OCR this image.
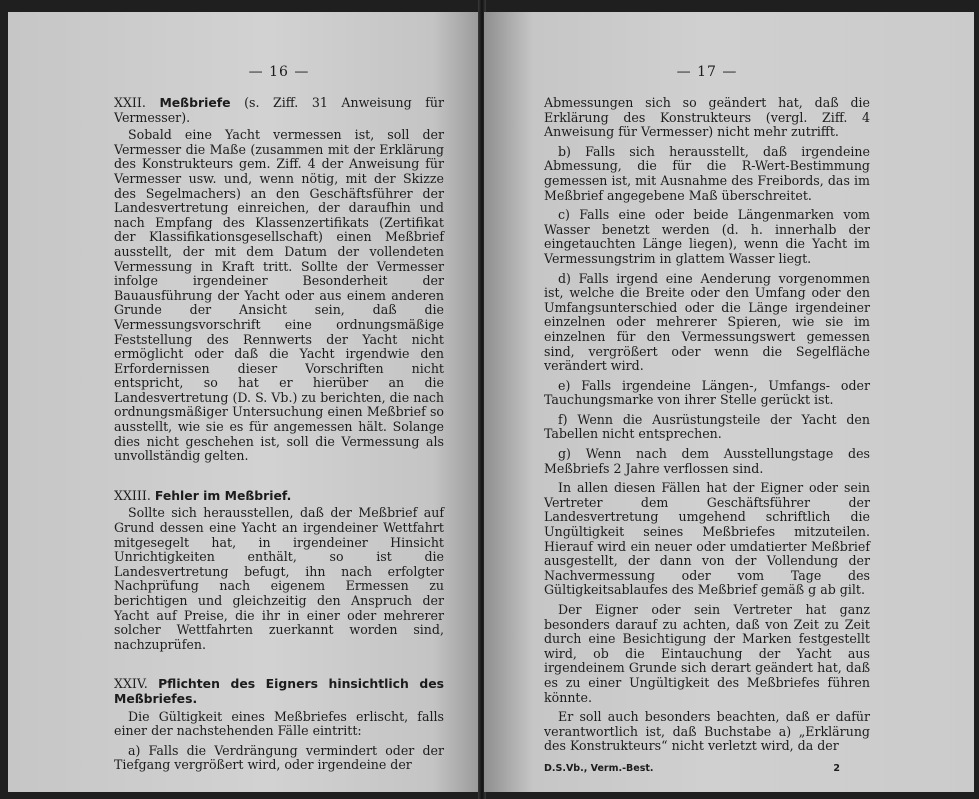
— 16 —
XXII. Meßbriefe (s. Ziff. 31 Anweisung für Vermesser).

Sobald eine Yacht vermessen ist, soll der Vermesser die Maße (zusammen mit der Erklärung des Konstrukteurs gem. Ziff. 4 der Anweisung für Vermesser usw. und, wenn nötig, mit der Skizze des Segelmachers) an den Geschäftsführer der Landesvertretung einreichen, der daraufhin und nach Empfang des Klassenzertifikats (Zertifikat der Klassifikationsgesellschaft) einen Meßbrief ausstellt, der mit dem Datum der vollendeten Vermessung in Kraft tritt. Sollte der Vermesser infolge irgendeiner Besonderheit der Bauausführung der Yacht oder aus einem anderen Grunde der Ansicht sein, daß die Vermessungsvorschrift eine ordnungsmäßige Feststellung des Rennwerts der Yacht nicht ermöglicht oder daß die Yacht irgendwie den Erfordernissen dieser Vorschriften nicht entspricht, so hat er hierüber an die Landesvertretung (D. S. Vb.) zu berichten, die nach ordnungsmäßiger Untersuchung einen Meßbrief so ausstellt, wie sie es für angemessen hält. Solange dies nicht geschehen ist, soll die Vermessung als unvollständig gelten.

XXIII. Fehler im Meßbrief.

Sollte sich herausstellen, daß der Meßbrief auf Grund dessen eine Yacht an irgendeiner Wettfahrt mitgesegelt hat, in irgendeiner Hinsicht Unrichtigkeiten enthält, so ist die Landesvertretung befugt, ihn nach erfolgter Nachprüfung nach eigenem Ermessen zu berichtigen und gleichzeitig den Anspruch der Yacht auf Preise, die ihr in einer oder mehrerer solcher Wettfahrten zuerkannt worden sind, nachzuprüfen.

XXIV. Pflichten des Eigners hinsichtlich des Meßbriefes.

Die Gültigkeit eines Meßbriefes erlischt, falls einer der nachstehenden Fälle eintritt:

a) Falls die Verdrängung vermindert oder der Tiefgang vergrößert wird, oder irgendeine der

— 17 —

Abmessungen sich so geändert hat, daß die Erklärung des Konstrukteurs (vergl. Ziff. 4 Anweisung für Vermesser) nicht mehr zutrifft.

b) Falls sich herausstellt, daß irgendeine Abmessung, die für die R-Wert-Bestimmung gemessen ist, mit Ausnahme des Freibords, das im Meßbrief angegebene Maß überschreitet.

c) Falls eine oder beide Längenmarken vom Wasser benetzt werden (d. h. innerhalb der eingetauchten Länge liegen), wenn die Yacht im Vermessungstrim in glattem Wasser liegt.

d) Falls irgend eine Aenderung vorgenommen ist, welche die Breite oder den Umfang oder den Umfangsunterschied oder die Länge irgendeiner einzelnen oder mehrerer Spieren, wie sie im einzelnen für den Vermessungswert gemessen sind, vergrößert oder wenn die Segelfläche verändert wird.

e) Falls irgendeine Längen-, Umfangs- oder Tauchungsmarke von ihrer Stelle gerückt ist.

f) Wenn die Ausrüstungsteile der Yacht den Tabellen nicht entsprechen.

g) Wenn nach dem Ausstellungstage des Meßbriefs 2 Jahre verflossen sind.

In allen diesen Fällen hat der Eigner oder sein Vertreter dem Geschäftsführer der Landesvertretung umgehend schriftlich die Ungültigkeit seines Meßbriefes mitzuteilen. Hierauf wird ein neuer oder umdatierter Meßbrief ausgestellt, der dann von der Vollendung der Nachvermessung oder vom Tage des Gültigkeitsablaufes des Meßbrief gemäß g ab gilt.

Der Eigner oder sein Vertreter hat ganz besonders darauf zu achten, daß von Zeit zu Zeit durch eine Besichtigung der Marken festgestellt wird, ob die Eintauchung der Yacht aus irgendeinem Grunde sich derart geändert hat, daß es zu einer Ungültigkeit des Meßbriefes führen könnte.

Er soll auch besonders beachten, daß er dafür verantwortlich ist, daß Buchstabe a) „Erklärung des Konstrukteurs“ nicht verletzt wird, da der

D.S.Vb., Verm.-Best.	2
